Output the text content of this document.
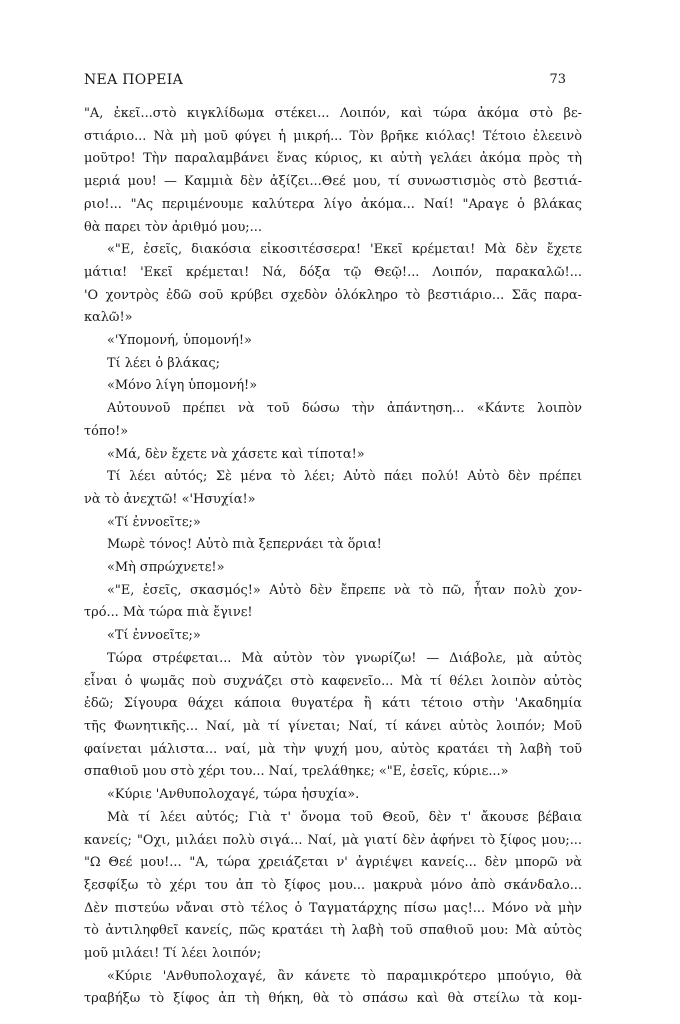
ΝΕΑ ΠΟΡΕΙΑ	73
"Α, ἐκεῖ...στὸ κιγκλίδωμα στέκει... Λοιπόν, καὶ τώρα ἀκόμα στὸ βε-
στιάριο... Νὰ μὴ μοῦ φύγει ἡ μικρή... Τὸν βρῆκε κιόλας! Τέτοιο ἐλεεινὸ
μοῦτρο! Τὴν παραλαμβάνει ἕνας κύριος, κι αὐτὴ γελάει ἀκόμα πρὸς τὴ
μεριά μου! — Καμμιὰ δὲν ἀξίζει...Θεέ μου, τί συνωστισμὸς στὸ βεστιά-
ριο!... "Ας περιμένουμε καλύτερα λίγο ἀκόμα... Ναί! "Αραγε ὁ βλάκας
θὰ παρει τὸν ἀριθμό μου;...
«"Ε, ἐσεῖς, διακόσια εἰκοσιτέσσερα! 'Εκεῖ κρέμεται! Μὰ δὲν ἔχετε
μάτια! 'Εκεῖ κρέμεται! Νά, δόξα τῷ Θεῷ!... Λοιπόν, παρακαλῶ!...
'Ο χοντρὸς ἐδῶ σοῦ κρύβει σχεδὸν ὁλόκληρο τὸ βεστιάριο... Σᾶς παρα-
καλῶ!»
«'Υπομονή, ὑπομονή!»
Τί λέει ὁ βλάκας;
«Μόνο λίγη ὑπομονή!»
Αὐτουνοῦ πρέπει νὰ τοῦ δώσω τὴν ἀπάντηση... «Κάντε λοιπὸν
τόπο!»
«Μά, δὲν ἔχετε νὰ χάσετε καὶ τίποτα!»
Τί λέει αὐτός; Σὲ μένα τὸ λέει; Αὐτὸ πάει πολύ! Αὐτὸ δὲν πρέπει
νὰ τὸ ἀνεχτῶ! «'Ησυχία!»
«Τί ἐννοεῖτε;»
Μωρὲ τόνος! Αὐτὸ πιὰ ξεπερνάει τὰ ὅρια!
«Μὴ σπρώχνετε!»
«"Ε, ἐσεῖς, σκασμός!» Αὐτὸ δὲν ἔπρεπε νὰ τὸ πῶ, ἦταν πολὺ χον-
τρό... Μὰ τώρα πιὰ ἔγινε!
«Τί ἐννοεῖτε;»
Τώρα στρέφεται... Μὰ αὐτὸν τὸν γνωρίζω! — Διάβολε, μὰ αὐτὸς
εἶναι ὁ ψωμᾶς ποὺ συχνάζει στὸ καφενεῖο... Μὰ τί θέλει λοιπὸν αὐτὸς
ἐδῶ; Σίγουρα θάχει κάποια θυγατέρα ἢ κάτι τέτοιο στὴν 'Ακαδημία
τῆς Φωνητικῆς... Ναί, μὰ τί γίνεται; Ναί, τί κάνει αὐτὸς λοιπόν; Μοῦ
φαίνεται μάλιστα... ναί, μὰ τὴν ψυχή μου, αὐτὸς κρατάει τὴ λαβὴ τοῦ
σπαθιοῦ μου στὸ χέρι του... Ναί, τρελάθηκε; «"Ε, ἐσεῖς, κύριε...»
«Κύριε 'Ανθυπολοχαγέ, τώρα ἡσυχία».
Μὰ τί λέει αὐτός; Γιὰ τ' ὄνομα τοῦ Θεοῦ, δὲν τ' ἄκουσε βέβαια
κανείς; "Οχι, μιλάει πολὺ σιγά... Ναί, μὰ γιατί δὲν ἀφήνει τὸ ξίφος μου;...
"Ω Θεέ μου!... "Α, τώρα χρειάζεται ν' ἀγριέψει κανείς... δὲν μπορῶ νὰ
ξεσφίξω τὸ χέρι του ἀπ τὸ ξίφος μου... μακρυὰ μόνο ἀπὸ σκάνδαλο...
Δὲν πιστεύω νἄναι στὸ τέλος ὁ Ταγματάρχης πίσω μας!... Μόνο νὰ μὴν
τὸ ἀντιληφθεῖ κανείς, πῶς κρατάει τὴ λαβὴ τοῦ σπαθιοῦ μου: Μὰ αὐτὸς
μοῦ μιλάει! Τί λέει λοιπόν;
«Κύριε 'Ανθυπολοχαγέ, ἂν κάνετε τὸ παραμικρότερο μπούγιο, θὰ
τραβήξω τὸ ξίφος ἀπ τὴ θήκη, θὰ τὸ σπάσω καὶ θὰ στείλω τὰ κομ-
